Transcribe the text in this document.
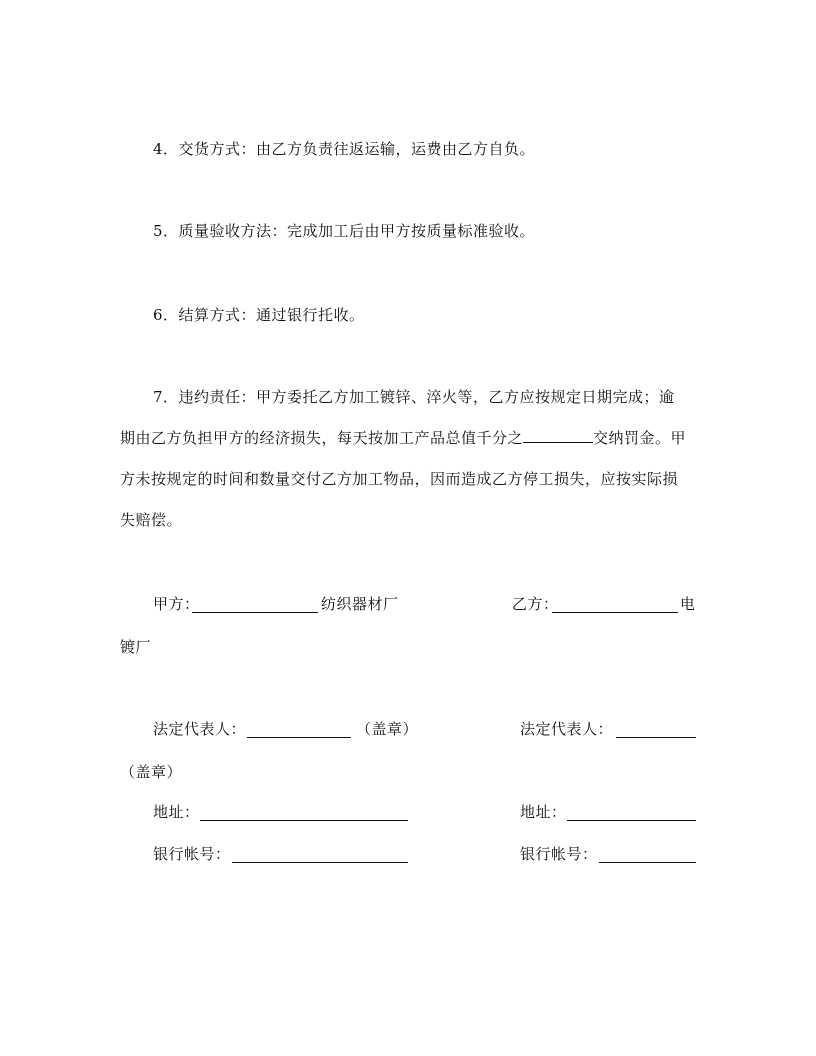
4．交货方式：由乙方负责往返运输，运费由乙方自负。
5．质量验收方法：完成加工后由甲方按质量标准验收。
6．结算方式：通过银行托收。
7．违约责任：甲方委托乙方加工镀锌、淬火等，乙方应按规定日期完成；逾
期由乙方负担甲方的经济损失，每天按加工产品总值千分之	交纳罚金。甲
方未按规定的时间和数量交付乙方加工物品，因而造成乙方停工损失，应按实际损
失赔偿。
甲方：	纺织器材厂	乙方：	电
镀厂
法定代表人：	（盖章）	法定代表人：
（盖章）
地址：	地址：
银行帐号：	银行帐号：
